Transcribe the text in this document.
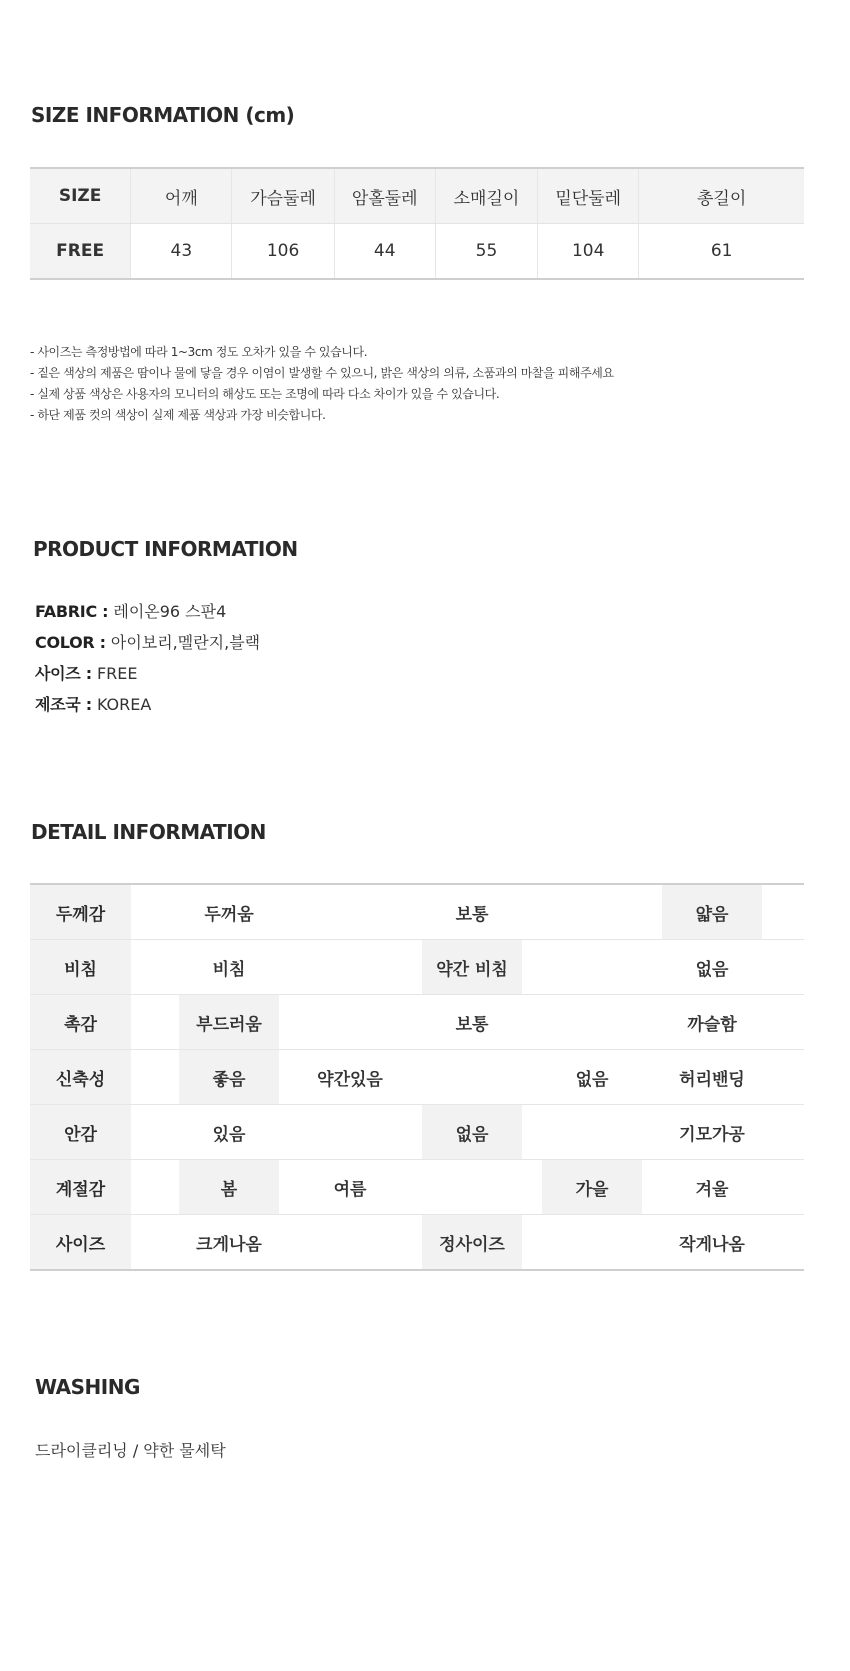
SIZE INFORMATION (cm)
SIZE	어깨	가슴둘레	암홀둘레	소매길이	밑단둘레	총길이
FREE	43	106	44	55	104	61
- 사이즈는 측정방법에 따라 1~3cm 정도 오차가 있을 수 있습니다.
- 짙은 색상의 제품은 땀이나 물에 닿을 경우 이염이 발생할 수 있으니, 밝은 색상의 의류, 소품과의 마찰을 피해주세요
- 실제 상품 색상은 사용자의 모니터의 해상도 또는 조명에 따라 다소 차이가 있을 수 있습니다.
- 하단 제품 컷의 색상이 실제 제품 색상과 가장 비슷합니다.
PRODUCT INFORMATION
FABRIC : 레이온96 스판4
COLOR : 아이보리,멜란지,블랙
사이즈 : FREE
제조국 : KOREA
DETAIL INFORMATION
두께감	두꺼움	보통	얇음
비침	비침	약간 비침	없음
촉감	부드러움	보통	까슬함
신축성	좋음	약간있음	없음	허리밴딩
안감	있음	없음	기모가공
계절감	봄	여름	가을	겨울
사이즈	크게나옴	정사이즈	작게나옴
WASHING
드라이클리닝 / 약한 물세탁
